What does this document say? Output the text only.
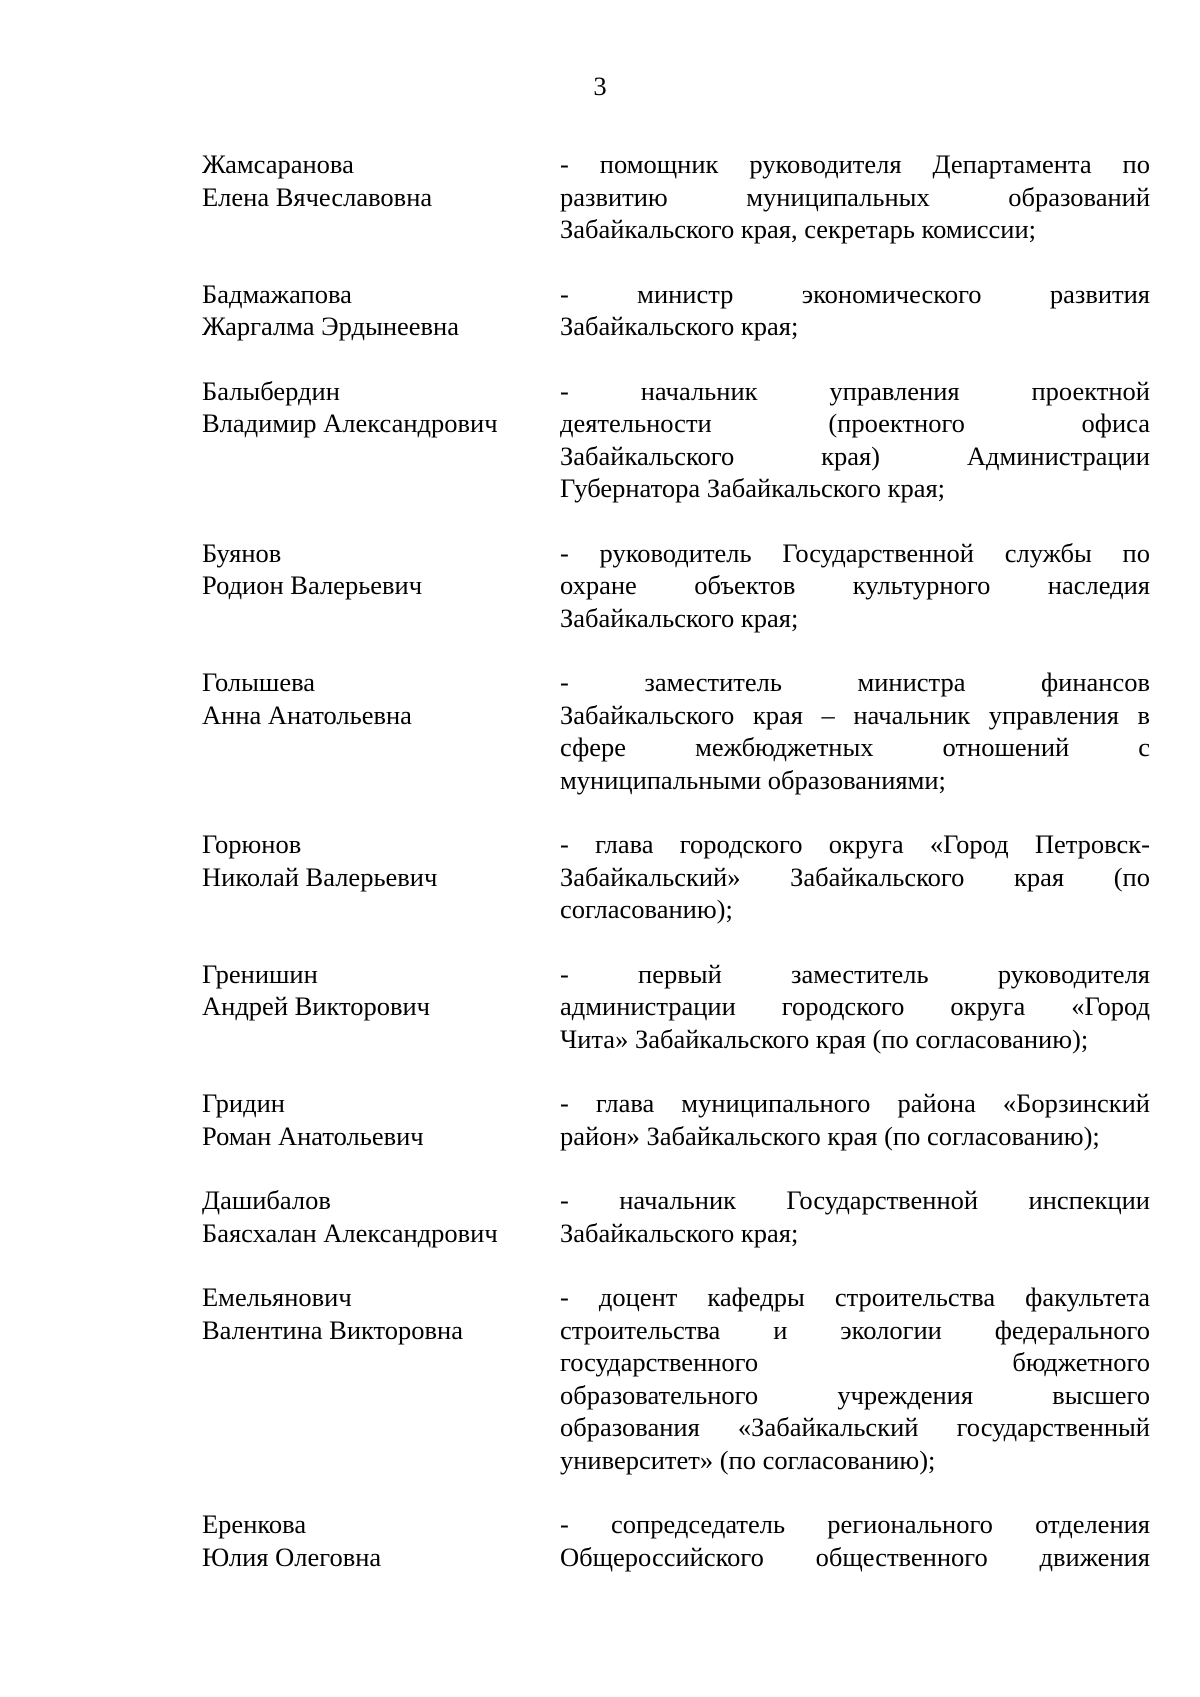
3
Жамсаранова
Елена Вячеславовна
- помощник руководителя Департамента по
развитию муниципальных образований
Забайкальского края, секретарь комиссии;
Бадмажапова
Жаргалма Эрдынеевна
- министр экономического развития
Забайкальского края;
Балыбердин
Владимир Александрович
- начальник управления проектной
деятельности (проектного офиса
Забайкальского края) Администрации
Губернатора Забайкальского края;
Буянов
Родион Валерьевич
- руководитель Государственной службы по
охране объектов культурного наследия
Забайкальского края;
Голышева
Анна Анатольевна
- заместитель министра финансов
Забайкальского края – начальник управления в
сфере межбюджетных отношений с
муниципальными образованиями;
Горюнов
Николай Валерьевич
- глава городского округа «Город Петровск-
Забайкальский» Забайкальского края (по
согласованию);
Гренишин
Андрей Викторович
- первый заместитель руководителя
администрации городского округа «Город
Чита» Забайкальского края (по согласованию);
Гридин
Роман Анатольевич
- глава муниципального района «Борзинский
район» Забайкальского края (по согласованию);
Дашибалов
Баясхалан Александрович
- начальник Государственной инспекции
Забайкальского края;
Емельянович
Валентина Викторовна
- доцент кафедры строительства факультета
строительства и экологии федерального
государственного бюджетного
образовательного учреждения высшего
образования «Забайкальский государственный
университет» (по согласованию);
Еренкова
Юлия Олеговна
- сопредседатель регионального отделения
Общероссийского общественного движения
